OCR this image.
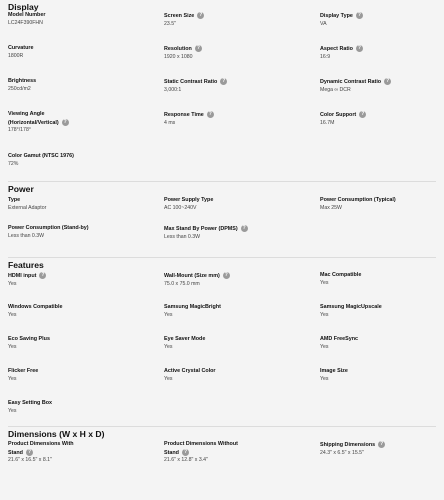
Display
Model Number
LC24F390FHN
Screen Size ?
23.5"
Display Type ?
VA
Curvature
1800R
Resolution ?
1920 x 1080
Aspect Ratio ?
16:9
Brightness
250cd/m2
Static Contrast Ratio ?
3,000:1
Dynamic Contrast Ratio ?
Mega ∞ DCR
Viewing Angle
(Horizontal/Vertical) ?
178°/178°
Response Time ?
4 ms
Color Support ?
16.7M
Color Gamut (NTSC 1976)
72%
Power
Type
External Adaptor
Power Supply Type
AC 100~240V
Power Consumption (Typical)
Max 25W
Power Consumption (Stand-by)
Less than 0.3W
Max Stand By Power (DPMS) ?
Less than 0.3W
Features
HDMI input ?
Yes
Wall-Mount (Size mm) ?
75.0 x 75.0 mm
Mac Compatible
Yes
Windows Compatible
Yes
Samsung MagicBright
Yes
Samsung MagicUpscale
Yes
Eco Saving Plus
Yes
Eye Saver Mode
Yes
AMD FreeSync
Yes
Flicker Free
Yes
Active Crystal Color
Yes
Image Size
Yes
Easy Setting Box
Yes
Dimensions (W x H x D)
Product Dimensions With
Stand ?
21.6" x 16.5" x 8.1"
Product Dimensions Without
Stand ?
21.6" x 12.8" x 3.4"
Shipping Dimensions ?
24.3" x 6.5" x 15.5"
